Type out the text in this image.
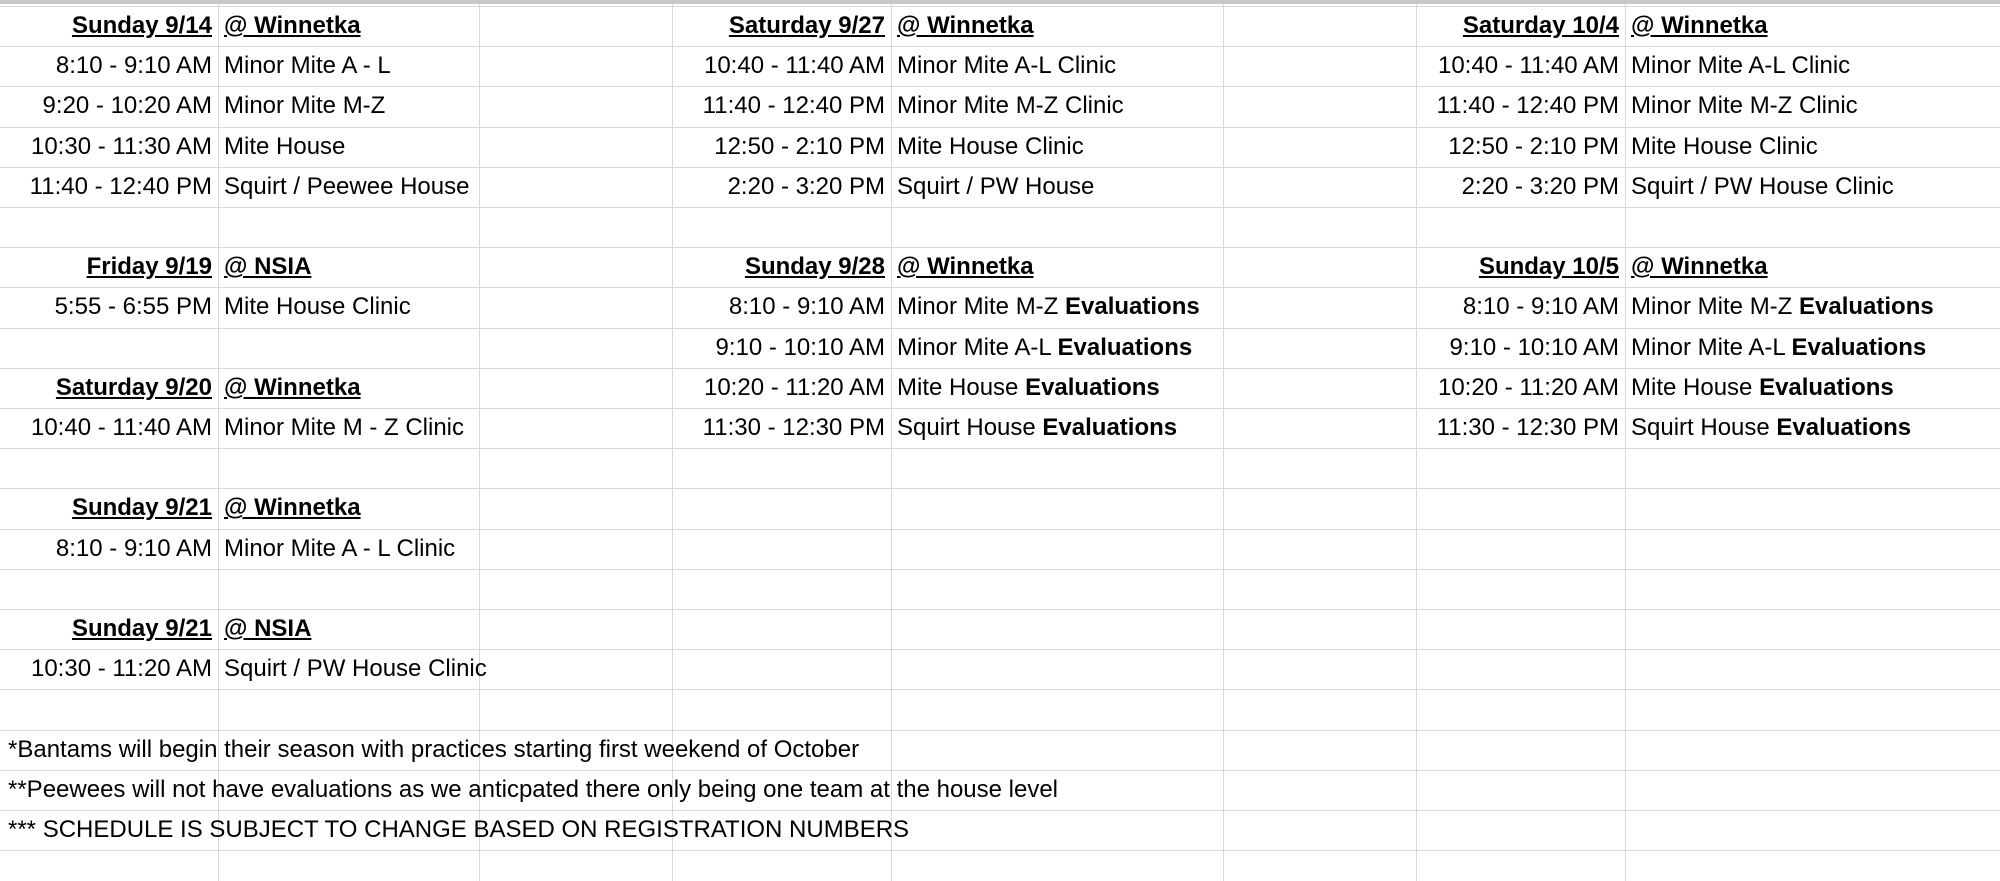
Sunday 9/14 @ Winnetka
8:10 - 9:10 AM Minor Mite A - L
9:20 - 10:20 AM Minor Mite M-Z
10:30 - 11:30 AM Mite House
11:40 - 12:40 PM Squirt / Peewee House
Friday 9/19 @ NSIA
5:55 - 6:55 PM Mite House Clinic
Saturday 9/20 @ Winnetka
10:40 - 11:40 AM Minor Mite M - Z Clinic
Sunday 9/21 @ Winnetka
8:10 - 9:10 AM Minor Mite A - L Clinic
Sunday 9/21 @ NSIA
10:30 - 11:20 AM Squirt / PW House Clinic
Saturday 9/27 @ Winnetka
10:40 - 11:40 AM Minor Mite A-L Clinic
11:40 - 12:40 PM Minor Mite M-Z Clinic
12:50 - 2:10 PM Mite House Clinic
2:20 - 3:20 PM Squirt / PW House
Sunday 9/28 @ Winnetka
8:10 - 9:10 AM Minor Mite M-Z Evaluations
9:10 - 10:10 AM Minor Mite A-L Evaluations
10:20 - 11:20 AM Mite House Evaluations
11:30 - 12:30 PM Squirt House Evaluations
Saturday 10/4 @ Winnetka
10:40 - 11:40 AM Minor Mite A-L Clinic
11:40 - 12:40 PM Minor Mite M-Z Clinic
12:50 - 2:10 PM Mite House Clinic
2:20 - 3:20 PM Squirt / PW House Clinic
Sunday 10/5 @ Winnetka
8:10 - 9:10 AM Minor Mite M-Z Evaluations
9:10 - 10:10 AM Minor Mite A-L Evaluations
10:20 - 11:20 AM Mite House Evaluations
11:30 - 12:30 PM Squirt House Evaluations
*Bantams will begin their season with practices starting first weekend of October
**Peewees will not have evaluations as we anticpated there only being one team at the house level
*** SCHEDULE IS SUBJECT TO CHANGE BASED ON REGISTRATION NUMBERS
